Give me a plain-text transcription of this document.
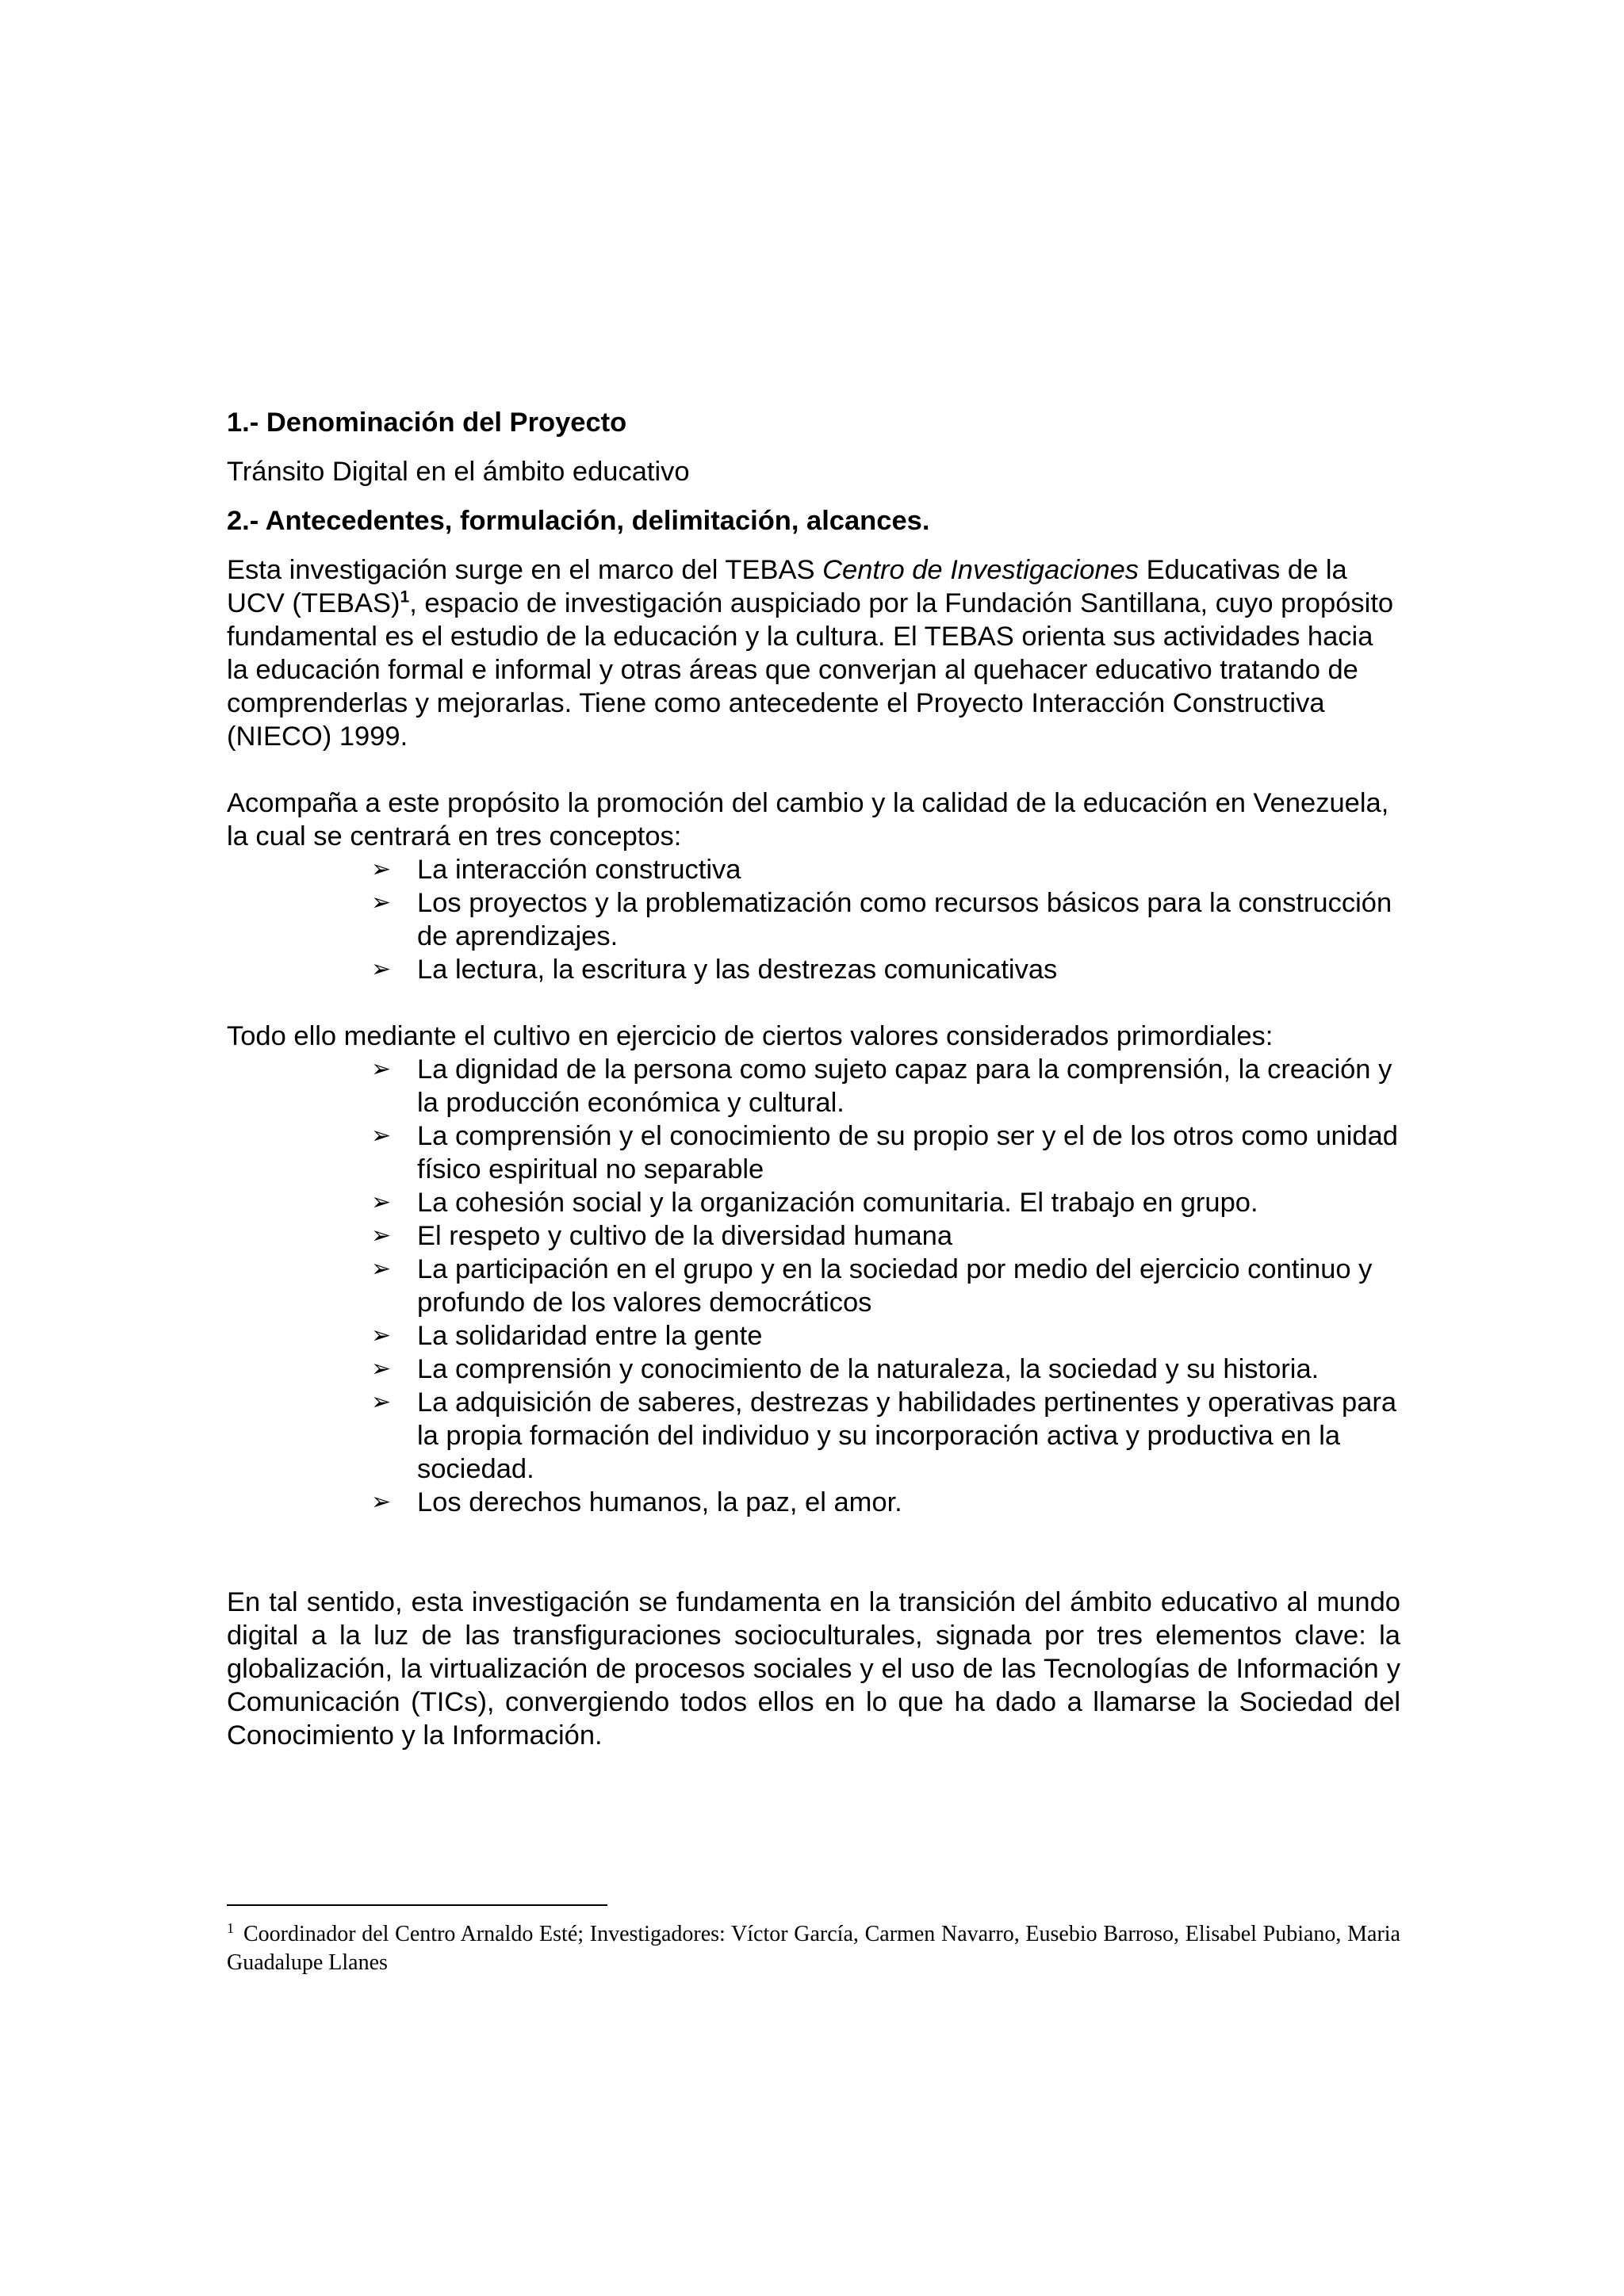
1.- Denominación del Proyecto

Tránsito Digital en el ámbito educativo

2.- Antecedentes, formulación, delimitación, alcances.

Esta investigación surge en el marco del TEBAS Centro de Investigaciones Educativas de la UCV (TEBAS)$^1$, espacio de investigación auspiciado por la Fundación Santillana, cuyo propósito fundamental es el estudio de la educación y la cultura. El TEBAS orienta sus actividades hacia la educación formal e informal y otras áreas que converjan al quehacer educativo tratando de comprenderlas y mejorarlas. Tiene como antecedente el Proyecto Interacción Constructiva (NIECO) 1999.

Acompaña a este propósito la promoción del cambio y la calidad de la educación en Venezuela, la cual se centrará en tres conceptos:

➢ La interacción constructiva
➢ Los proyectos y la problematización como recursos básicos para la construcción de aprendizajes.
➢ La lectura, la escritura y las destrezas comunicativas

Todo ello mediante el cultivo en ejercicio de ciertos valores considerados primordiales:

➢ La dignidad de la persona como sujeto capaz para la comprensión, la creación y la producción económica y cultural.
➢ La comprensión y el conocimiento de su propio ser y el de los otros como unidad físico espiritual no separable
➢ La cohesión social y la organización comunitaria. El trabajo en grupo.
➢ El respeto y cultivo de la diversidad humana
➢ La participación en el grupo y en la sociedad por medio del ejercicio continuo y profundo de los valores democráticos
➢ La solidaridad entre la gente
➢ La comprensión y conocimiento de la naturaleza, la sociedad y su historia.
➢ La adquisición de saberes, destrezas y habilidades pertinentes y operativas para la propia formación del individuo y su incorporación activa y productiva en la sociedad.
➢ Los derechos humanos, la paz, el amor.

En tal sentido, esta investigación se fundamenta en la transición del ámbito educativo al mundo digital a la luz de las transfiguraciones socioculturales, signada por tres elementos clave: la globalización, la virtualización de procesos sociales y el uso de las Tecnologías de Información y Comunicación (TICs), convergiendo todos ellos en lo que ha dado a llamarse la Sociedad del Conocimiento y la Información.

$^1$ Coordinador del Centro Arnaldo Esté; Investigadores: Víctor García, Carmen Navarro, Eusebio Barroso, Elisabel Pubiano, Maria Guadalupe Llanes
